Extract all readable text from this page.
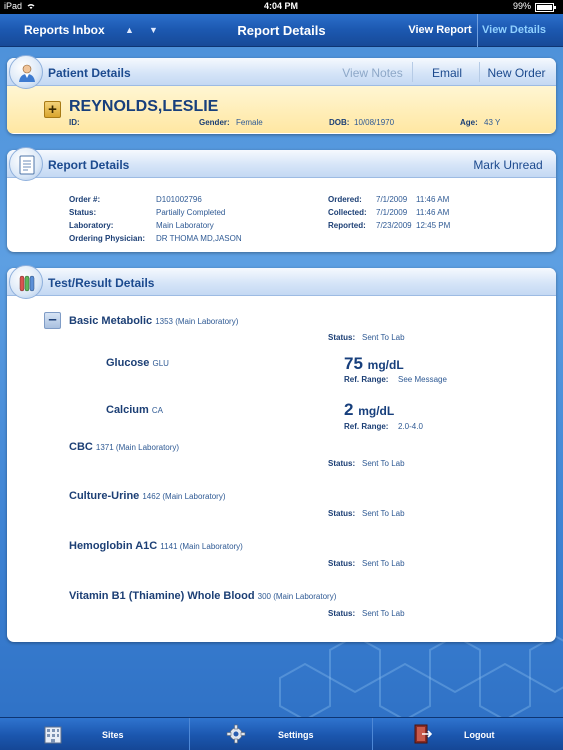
iPad	4:04 PM	99%
Reports Inbox ▲ ▼	Report Details	View Report View Details
Patient Details	View Notes	Email	New Order
+ REYNOLDS,LESLIE
ID:	Gender: Female	DOB: 10/08/1970	Age: 43 Y
Report Details	Mark Unread
Order #:	D101002796
Status:	Partially Completed
Laboratory:	Main Laboratory
Ordering Physician: DR THOMA MD,JASON
Ordered: 7/1/2009    11:46 AM
Collected: 7/1/2009    11:46 AM
Reported: 7/23/2009  12:45 PM
Test/Result Details
–	Basic Metabolic 1353 (Main Laboratory)
Status: Sent To Lab
Glucose GLU	75 mg/dL
Ref. Range: See Message
Calcium CA	2 mg/dL
Ref. Range: 2.0-4.0
CBC 1371 (Main Laboratory)
Status: Sent To Lab
Culture-Urine 1462 (Main Laboratory)
Status: Sent To Lab
Hemoglobin A1C 1141 (Main Laboratory)
Status: Sent To Lab
Vitamin B1 (Thiamine) Whole Blood 300 (Main Laboratory)
Status: Sent To Lab
Sites	Settings	Logout
